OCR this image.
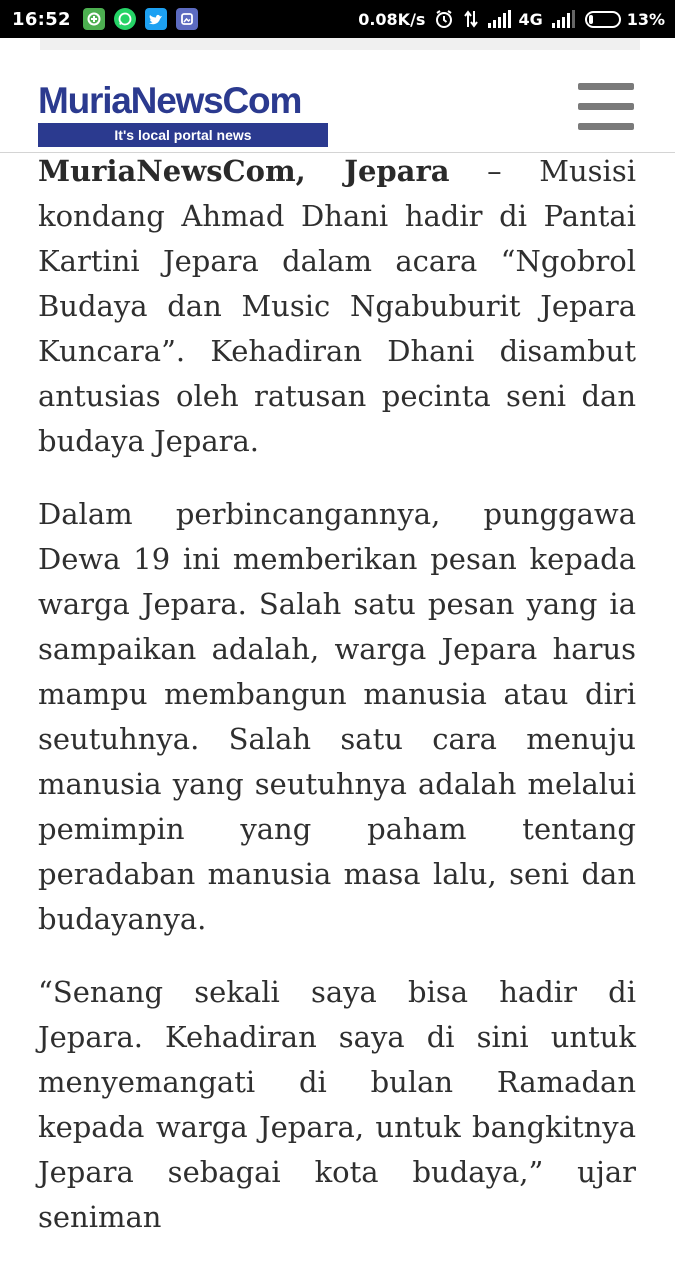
16:52	0.08K/s	4G	13%
MuriaNewsCom
It's local portal news

MuriaNewsCom, Jepara – Musisi kondang Ahmad Dhani hadir di Pantai Kartini Jepara dalam acara “Ngobrol Budaya dan Music Ngabuburit Jepara Kuncara”. Kehadiran Dhani disambut antusias oleh ratusan pecinta seni dan budaya Jepara.

Dalam perbincangannya, punggawa Dewa 19 ini memberikan pesan kepada warga Jepara. Salah satu pesan yang ia sampaikan adalah, warga Jepara harus mampu membangun manusia atau diri seutuhnya. Salah satu cara menuju manusia yang seutuhnya adalah melalui pemimpin yang paham tentang peradaban manusia masa lalu, seni dan budayanya.

“Senang sekali saya bisa hadir di Jepara. Kehadiran saya di sini untuk menyemangati di bulan Ramadan kepada warga Jepara, untuk bangkitnya Jepara sebagai kota budaya,” ujar seniman
